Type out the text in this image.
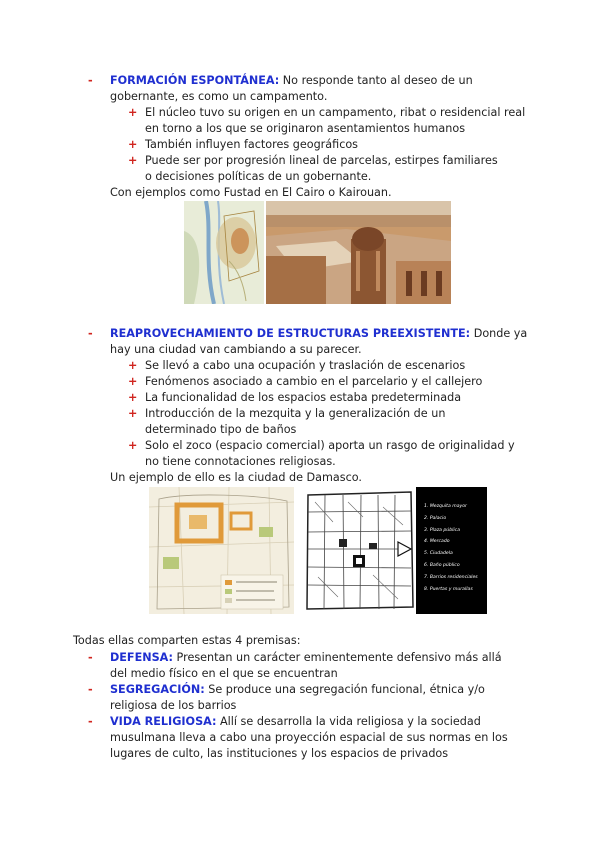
- FORMACIÓN ESPONTÁNEA: No responde tanto al deseo de un gobernante, es como un campamento.
+ El núcleo tuvo su origen en un campamento, ribat o residencial real en torno a los que se originaron asentamientos humanos
+ También influyen factores geográficos
+ Puede ser por progresión lineal de parcelas, estirpes familiares o decisiones políticas de un gobernante.
Con ejemplos como Fustad en El Cairo o Kairouan.
- REAPROVECHAMIENTO DE ESTRUCTURAS PREEXISTENTE: Donde ya hay una ciudad van cambiando a su parecer.
+ Se llevó a cabo una ocupación y traslación de escenarios
+ Fenómenos asociado a cambio en el parcelario y el callejero
+ La funcionalidad de los espacios estaba predeterminada
+ Introducción de la mezquita y la generalización de un determinado tipo de baños
+ Solo el zoco (espacio comercial) aporta un rasgo de originalidad y no tiene connotaciones religiosas.
Un ejemplo de ello es la ciudad de Damasco.
1. Mezquita mayor
2. Palacio
3. Plaza pública
4. Mercado
5. Ciudadela
6. Baño público
7. Barrios residenciales
8. Puertas y murallas
Todas ellas comparten estas 4 premisas:
- DEFENSA: Presentan un carácter eminentemente defensivo más allá del medio físico en el que se encuentran
- SEGREGACIÓN: Se produce una segregación funcional, étnica y/o religiosa de los barrios
- VIDA RELIGIOSA: Allí se desarrolla la vida religiosa y la sociedad musulmana lleva a cabo una proyección espacial de sus normas en los lugares de culto, las instituciones y los espacios de privados
